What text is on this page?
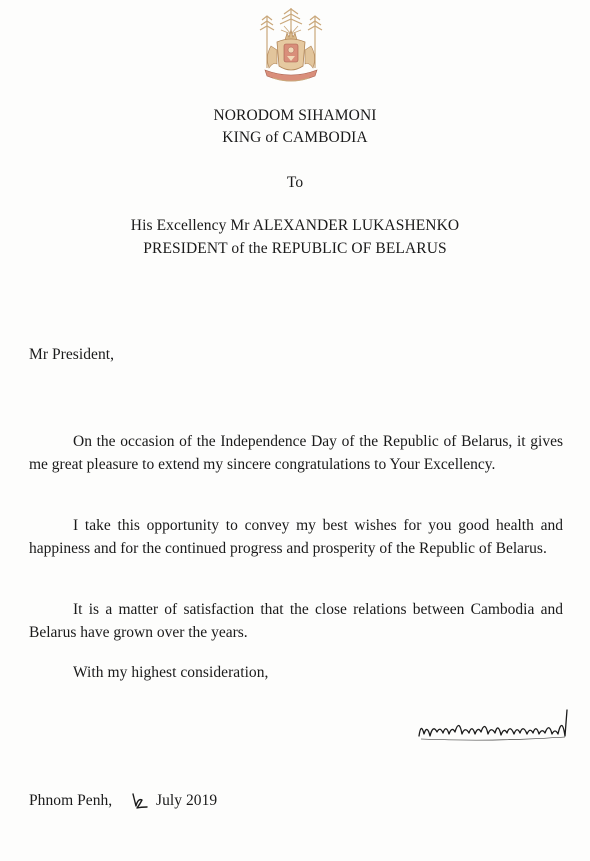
NORODOM SIHAMONI
KING of CAMBODIA
To
His Excellency Mr ALEXANDER LUKASHENKO
PRESIDENT of the REPUBLIC OF BELARUS
Mr President,
On the occasion of the Independence Day of the Republic of Belarus, it gives me great pleasure to extend my sincere congratulations to Your Excellency.
I take this opportunity to convey my best wishes for you good health and happiness and for the continued progress and prosperity of the Republic of Belarus.
It is a matter of satisfaction that the close relations between Cambodia and Belarus have grown over the years.
With my highest consideration,
Phnom Penh,	July 2019
